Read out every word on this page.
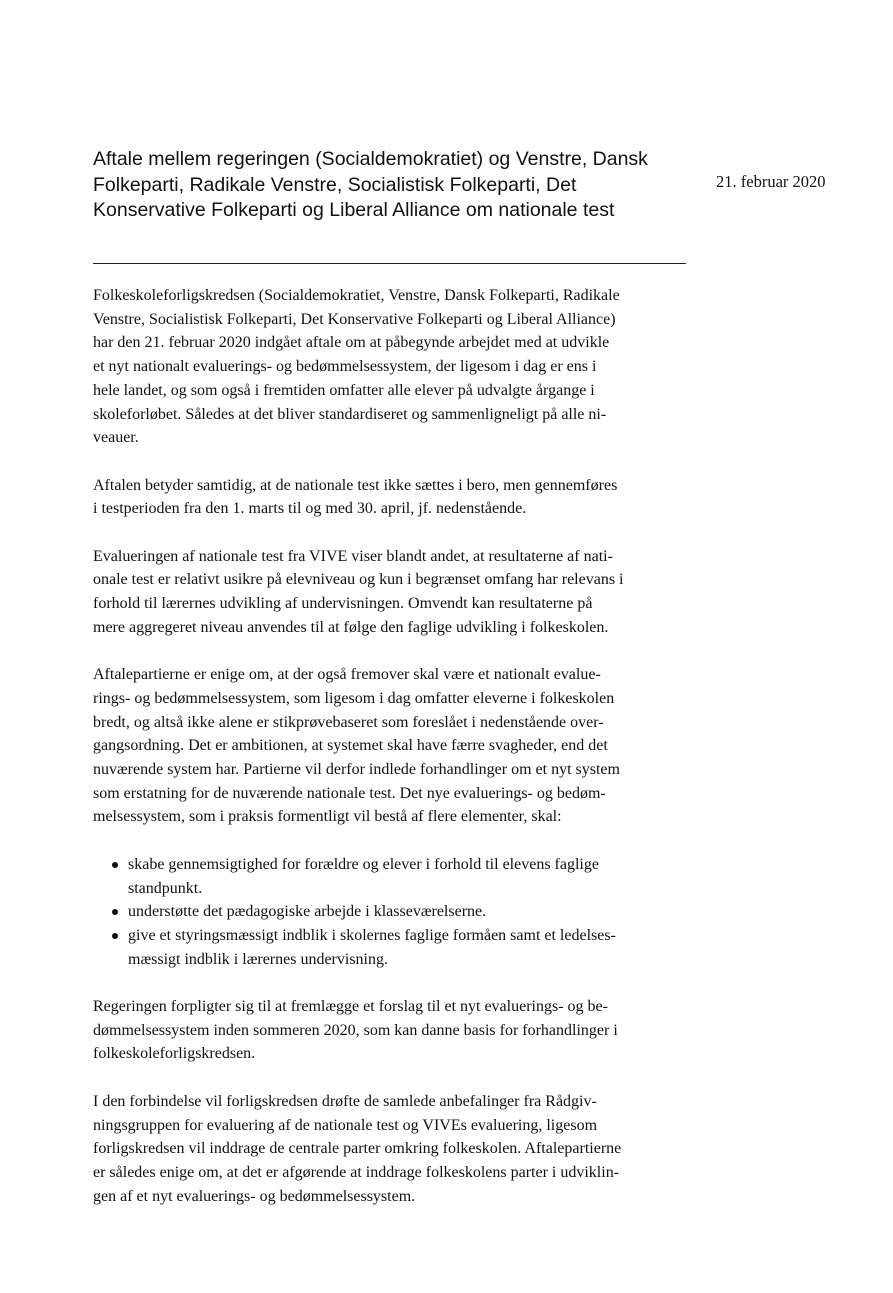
Aftale mellem regeringen (Socialdemokratiet) og Venstre, Dansk
Folkeparti, Radikale Venstre, Socialistisk Folkeparti, Det
Konservative Folkeparti og Liberal Alliance om nationale test
21. februar 2020

Folkeskoleforligskredsen (Socialdemokratiet, Venstre, Dansk Folkeparti, Radikale
Venstre, Socialistisk Folkeparti, Det Konservative Folkeparti og Liberal Alliance)
har den 21. februar 2020 indgået aftale om at påbegynde arbejdet med at udvikle
et nyt nationalt evaluerings- og bedømmelsessystem, der ligesom i dag er ens i
hele landet, og som også i fremtiden omfatter alle elever på udvalgte årgange i
skoleforløbet. Således at det bliver standardiseret og sammenligneligt på alle ni-
veauer.

Aftalen betyder samtidig, at de nationale test ikke sættes i bero, men gennemføres
i testperioden fra den 1. marts til og med 30. april, jf. nedenstående.

Evalueringen af nationale test fra VIVE viser blandt andet, at resultaterne af nati-
onale test er relativt usikre på elevniveau og kun i begrænset omfang har relevans i
forhold til lærernes udvikling af undervisningen. Omvendt kan resultaterne på
mere aggregeret niveau anvendes til at følge den faglige udvikling i folkeskolen.

Aftalepartierne er enige om, at der også fremover skal være et nationalt evalue-
rings- og bedømmelsessystem, som ligesom i dag omfatter eleverne i folkeskolen
bredt, og altså ikke alene er stikprøvebaseret som foreslået i nedenstående over-
gangsordning. Det er ambitionen, at systemet skal have færre svagheder, end det
nuværende system har. Partierne vil derfor indlede forhandlinger om et nyt system
som erstatning for de nuværende nationale test. Det nye evaluerings- og bedøm-
melsessystem, som i praksis formentligt vil bestå af flere elementer, skal:

skabe gennemsigtighed for forældre og elever i forhold til elevens faglige
standpunkt.
understøtte det pædagogiske arbejde i klasseværelserne.
give et styringsmæssigt indblik i skolernes faglige formåen samt et ledelses-
mæssigt indblik i lærernes undervisning.

Regeringen forpligter sig til at fremlægge et forslag til et nyt evaluerings- og be-
dømmelsessystem inden sommeren 2020, som kan danne basis for forhandlinger i
folkeskoleforligskredsen.

I den forbindelse vil forligskredsen drøfte de samlede anbefalinger fra Rådgiv-
ningsgruppen for evaluering af de nationale test og VIVEs evaluering, ligesom
forligskredsen vil inddrage de centrale parter omkring folkeskolen. Aftalepartierne
er således enige om, at det er afgørende at inddrage folkeskolens parter i udviklin-
gen af et nyt evaluerings- og bedømmelsessystem.
